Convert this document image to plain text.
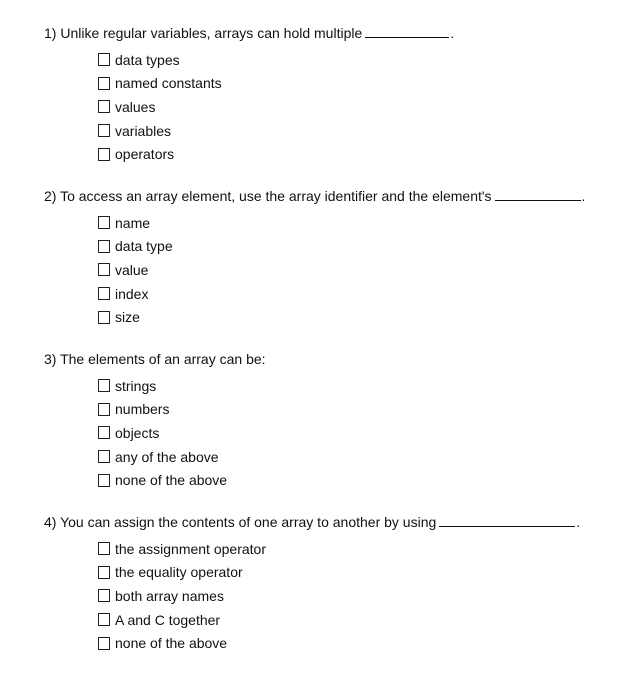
1) Unlike regular variables, arrays can hold multiple	.
data types
named constants
values
variables
operators
2) To access an array element, use the array identifier and the element's	.
name
data type
value
index
size
3) The elements of an array can be:
strings
numbers
objects
any of the above
none of the above
4) You can assign the contents of one array to another by using	.
the assignment operator
the equality operator
both array names
A and C together
none of the above
